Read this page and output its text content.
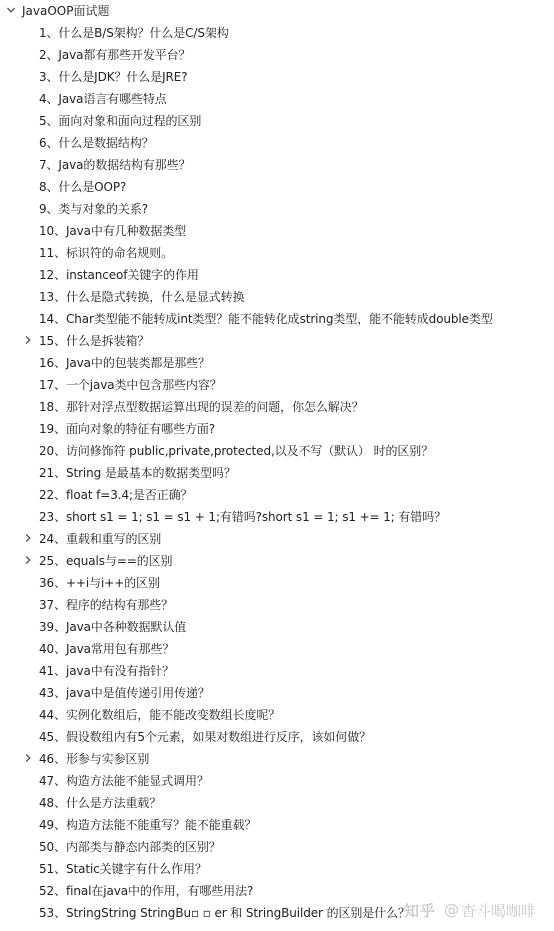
JavaOOP面试题
1、什么是B/S架构？什么是C/S架构
2、Java都有那些开发平台？
3、什么是JDK？什么是JRE?
4、Java语言有哪些特点
5、面向对象和面向过程的区别
6、什么是数据结构？
7、Java的数据结构有那些？
8、什么是OOP?
9、类与对象的关系?
10、Java中有几种数据类型
11、标识符的命名规则。
12、instanceof关键字的作用
13、什么是隐式转换，什么是显式转换
14、Char类型能不能转成int类型？能不能转化成string类型，能不能转成double类型
15、什么是拆装箱？
16、Java中的包装类都是那些？
17、一个java类中包含那些内容？
18、那针对浮点型数据运算出现的误差的问题，你怎么解决？
19、面向对象的特征有哪些方面?
20、访问修饰符 public,private,protected,以及不写（默认） 时的区别？
21、String 是最基本的数据类型吗？
22、float f=3.4;是否正确？
23、short s1 = 1; s1 = s1 + 1;有错吗?short s1 = 1; s1 += 1; 有错吗？
24、重载和重写的区别
25、equals与==的区别
36、++i与i++的区别
37、程序的结构有那些？
39、Java中各种数据默认值
40、Java常用包有那些？
41、java中有没有指针？
43、java中是值传递引用传递？
44、实例化数组后，能不能改变数组长度呢？
45、假设数组内有5个元素，如果对数组进行反序，该如何做？
46、形参与实参区别
47、构造方法能不能显式调用？
48、什么是方法重载？
49、构造方法能不能重写？能不能重载？
50、内部类与静态内部类的区别？
51、Static关键字有什么作用？
52、final在java中的作用，有哪些用法?
53、StringString StringBu▫ ▫ er 和 StringBuilder 的区别是什么？
知乎 @ 杳斗喝咖啡
